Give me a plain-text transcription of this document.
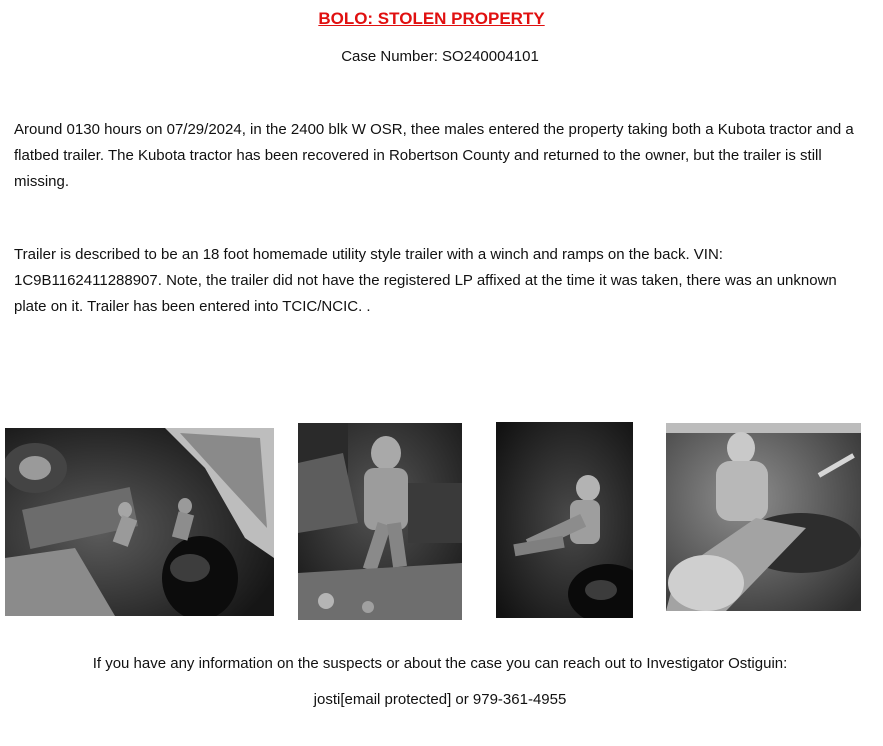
BOLO: STOLEN PROPERTY
Case Number: SO240004101

Around 0130 hours on 07/29/2024, in the 2400 blk W OSR, thee males entered the property taking both a Kubota tractor and a flatbed trailer. The Kubota tractor has been recovered in Robertson County and returned to the owner, but the trailer is still missing.

Trailer is described to be an 18 foot homemade utility style trailer with a winch and ramps on the back. VIN: 1C9B1162411288907. Note, the trailer did not have the registered LP affixed at the time it was taken, there was an unknown plate on it. Trailer has been entered into TCIC/NCIC. .

If you have any information on the suspects or about the case you can reach out to Investigator Ostiguin:
josti[email protected] or 979-361-4955
